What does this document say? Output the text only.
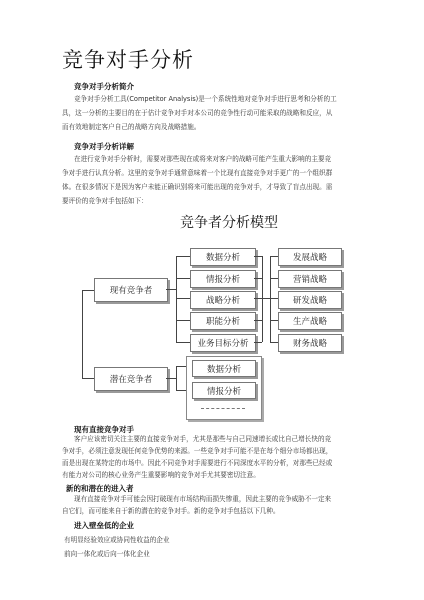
竞争对手分析
竞争对手分析简介
竞争对手分析工具(Competitor Analysis)是一个系统性地对竞争对手进行思考和分析的工
具，这一分析的主要目的在于估计竞争对手对本公司的竞争性行动可能采取的战略和反应，从
而有效地制定客户自己的战略方向及战略措施。
竞争对手分析详解
在进行竞争对手分析时，需要对那些现在或将来对客户的战略可能产生重大影响的主要竞
争对手进行认真分析。这里的竞争对手通常意味着一个比现有直接竞争对手更广的一个组织群
体。在很多情况下是因为客户未能正确识别将来可能出现的竞争对手，才导致了盲点出现。需
要评价的竞争对手包括如下：
竞争者分析模型
现有竞争者
数据分析
情报分析
战略分析
职能分析
业务目标分析
发展战略
营销战略
研发战略
生产战略
财务战略
潜在竞争者
数据分析
情报分析
现有直接竞争对手
客户应该密切关注主要的直接竞争对手，尤其是那些与自己同速增长或比自己增长快的竞
争对手，必须注意发现任何竞争优势的来源。一些竞争对手可能不是在每个细分市场都出现，
而是出现在某特定的市场中。因此不同竞争对手需要进行不同深度水平的分析，对那些已经或
有能力对公司的核心业务产生重要影响的竞争对手尤其要密切注意。
新的和潜在的进入者
现有直接竞争对手可能会因打破现有市场结构而损失惨重，因此主要的竞争威胁不一定来
自它们，而可能来自于新的潜在的竞争对手。新的竞争对手包括以下几种。
进入壁垒低的企业
有明显经验效应或协同性收益的企业
前向一体化或后向一体化企业
